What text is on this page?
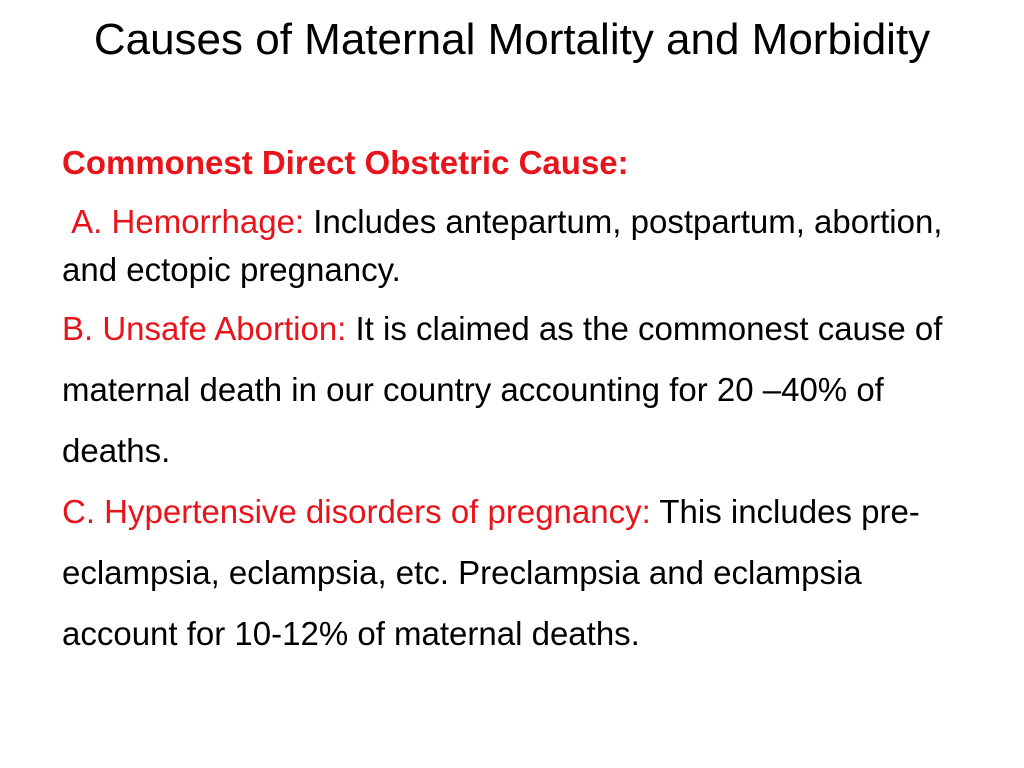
Causes of Maternal Mortality and Morbidity

Commonest Direct Obstetric Cause:

A. Hemorrhage: Includes antepartum, postpartum, abortion, and ectopic pregnancy.

B. Unsafe Abortion: It is claimed as the commonest cause of maternal death in our country accounting for 20 –40% of deaths.

C. Hypertensive disorders of pregnancy: This includes pre-eclampsia, eclampsia, etc. Preclampsia and eclampsia account for 10-12% of maternal deaths.
